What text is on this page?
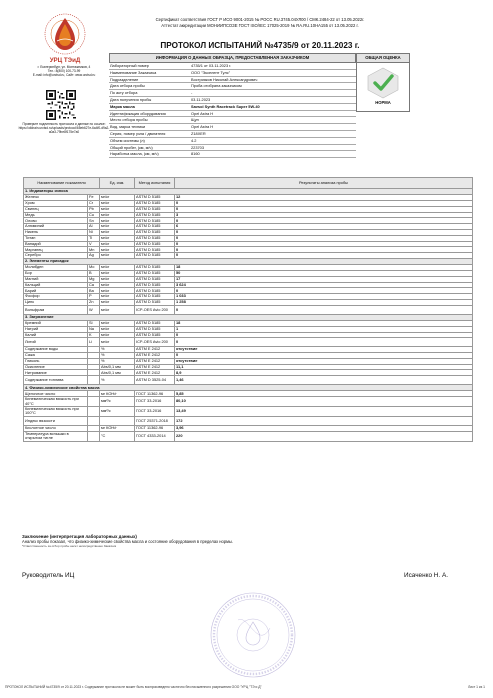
УРЦ ТЭиД
г. Екатеринбург, ул. Монтажников, 4
Тел.: 8(800) 100-73-99
E-mail: info@urctsd.ru, Сайт: www.urctsd.ru
Проверьте подлинность протокола и данные по ссылке: https://oildrain.urctsd.ru/uploads/protocol/65eb627e-6a4f0-d9a2-a0a3-79be8f175e7a0
Сертификат соответствия ГОСТ Р ИСО 9001-2015 № РОСС RU.3745.04УЛ00 / СМК.2484-22 от 13.05.2022г.
Аттестат аккредитации МОНИИПСОЗЕ ГОСТ ISO/IEC 17025-2019 № RA.RU.10НА155 от 13.05.2022 г.
ПРОТОКОЛ ИСПЫТАНИЙ №4735/9 от 20.11.2023 г.
ИНФОРМАЦИЯ О ДАННЫХ ОБРАЗЦА, ПРЕДОСТАВЛЕННАЯ ЗАКАЗЧИКОМ
Лабораторный номер	4735/1 от 03.11.2023 г.
Наименование Заказчика	ООО "Экселент Тулс"
Подразделение	Вострияков Николай Александрович
Дата отбора пробы	Проба отобрана заказчиком
По акту отбора	-
Дата получения пробы	03.11.2023
Марка масла	Savsol Synth Racetrack Super 5W-40
Идентификация оборудования	Opel Astra H
Место отбора пробы	Щуп
Вид, марка техники	Opel Astra H
Серия, номер узла / двигателя	Z18XER
Объем системы (л)	4.2
Общий пробег, (км, м/ч)	223703
Наработка масла, (км, м/ч)	8160
ОБЩАЯ ОЦЕНКА
НОРМА
Наименование показателя		Ед. изм.	Метод испытания	Результаты анализа пробы
1. Индикаторы износа				
Железо	Fe	мг/кг	ASTM D 5185	12
Хром	Cr	мг/кг	ASTM D 5185	0
Свинец	Pb	мг/кг	ASTM D 5185	0
Медь	Cu	мг/кг	ASTM D 5185	3
Олово	Sn	мг/кг	ASTM D 5185	0
Алюминий	Al	мг/кг	ASTM D 5185	6
Никель	Ni	мг/кг	ASTM D 5185	0
Титан	Ti	мг/кг	ASTM D 5185	0
Ванадий	V	мг/кг	ASTM D 5185	0
Марганец	Mn	мг/кг	ASTM D 5185	0
Серебро	Ag	мг/кг	ASTM D 5185	0
2. Элементы присадок				
Молибден	Mo	мг/кг	ASTM D 5185	18
Бор	B	мг/кг	ASTM D 5185	50
Магний	Mg	мг/кг	ASTM D 5185	17
Кальций	Ca	мг/кг	ASTM D 5185	3 624
Барий	Ba	мг/кг	ASTM D 5185	0
Фосфор	P	мг/кг	ASTM D 5185	1 033
Цинк	Zn	мг/кг	ASTM D 5185	1 258
Вольфрам	W	мг/кг	ICP-OES Avio 200	0
3. Загрязнение				
Кремний	Si	мг/кг	ASTM D 5185	18
Натрий	Na	мг/кг	ASTM D 5185	1
Калий	K	мг/кг	ASTM D 5185	0
Литий	Li	мг/кг	ICP-OES Avio 200	0
Содержание воды		%	ASTM E 2412	отсутствие
Сажа		%	ASTM E 2412	0
Гликоль		%	ASTM E 2412	отсутствие
Окисление		Abs/0,1 мм	ASTM E 2412	11,1
Нитрование		Abs/0,1 мм	ASTM E 2412	8,9
Содержание топлива		%	ASTM D 3525-04	1,46
4. Физико-химические свойства масла				
Щелочное число		мг КОН/г	ГОСТ 11362-96	5,85
Кинематическая вязкость при 40°С		мм²/с	ГОСТ 33-2016	80,10
Кинематическая вязкость при 100°С		мм²/с	ГОСТ 33-2016	13,49
Индекс вязкости			ГОСТ 25371-2018	172
Кислотное число		мг КОН/г	ГОСТ 11362-96	3,96
Температура вспышки в открытом тигле		°С	ГОСТ 4333-2014	220
Заключение (интерпретация лабораторных данных)
Анализ пробы показал, что физико-химические свойства масла и состояние оборудования в пределах нормы.
*Ответственность за отбор пробы несет непосредственно Заказчик
Руководитель ИЦ	Исаченко Н. А.
ПРОТОКОЛ ИСПЫТАНИЙ №4735/9 от 20.11.2023 г. Содержание протокола не может быть воспроизведено частично без письменного разрешения ООО "УРЦ "ТЭ и Д"	Лист 1 из 1
